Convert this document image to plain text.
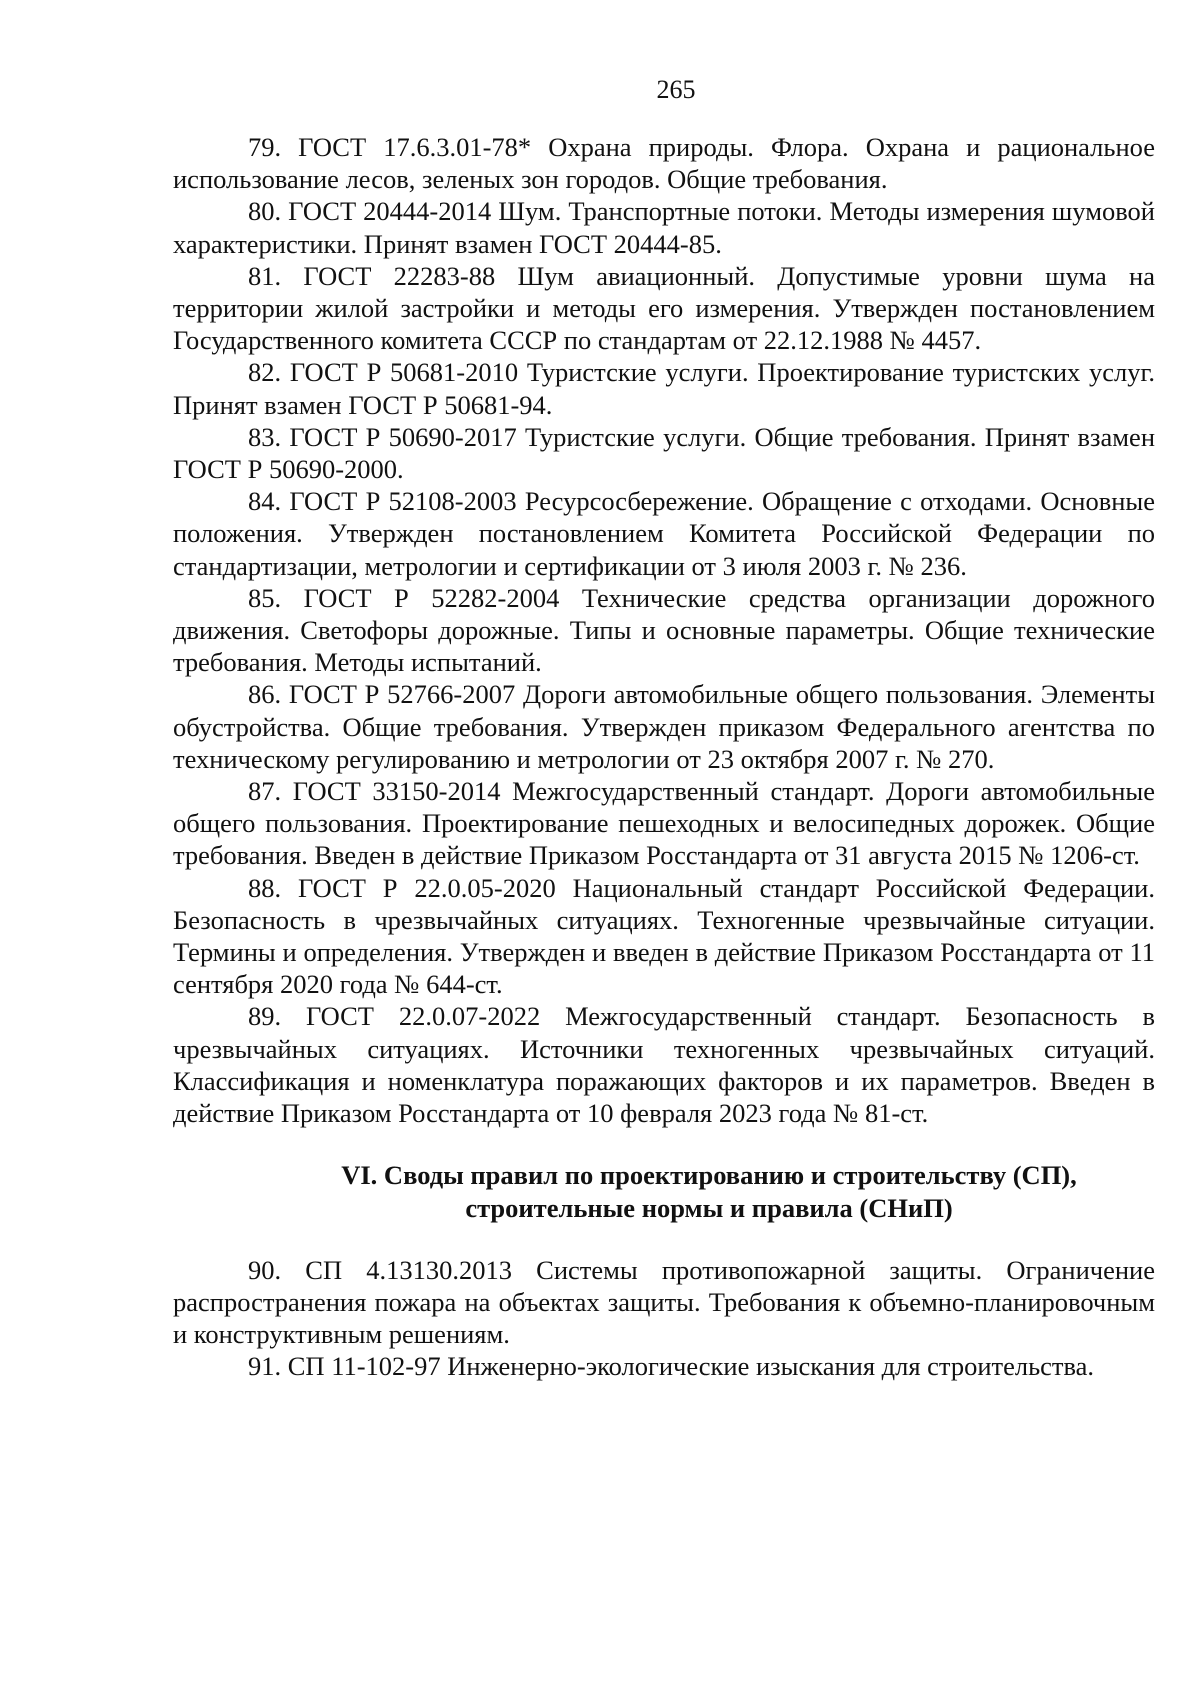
265

79. ГОСТ 17.6.3.01-78* Охрана природы. Флора. Охрана и рациональное использование лесов, зеленых зон городов. Общие требования.

80. ГОСТ 20444-2014 Шум. Транспортные потоки. Методы измерения шумовой характеристики. Принят взамен ГОСТ 20444-85.

81. ГОСТ 22283-88 Шум авиационный. Допустимые уровни шума на территории жилой застройки и методы его измерения. Утвержден постановлением Государственного комитета СССР по стандартам от 22.12.1988 № 4457.

82. ГОСТ Р 50681-2010 Туристские услуги. Проектирование туристских услуг. Принят взамен ГОСТ Р 50681-94.

83. ГОСТ Р 50690-2017 Туристские услуги. Общие требования. Принят взамен ГОСТ Р 50690-2000.

84. ГОСТ Р 52108-2003 Ресурсосбережение. Обращение с отходами. Основные положения. Утвержден постановлением Комитета Российской Федерации по стандартизации, метрологии и сертификации от 3 июля 2003 г. № 236.

85. ГОСТ Р 52282-2004 Технические средства организации дорожного движения. Светофоры дорожные. Типы и основные параметры. Общие технические требования. Методы испытаний.

86. ГОСТ Р 52766-2007 Дороги автомобильные общего пользования. Элементы обустройства. Общие требования. Утвержден приказом Федерального агентства по техническому регулированию и метрологии от 23 октября 2007 г. № 270.

87. ГОСТ 33150-2014 Межгосударственный стандарт. Дороги автомобильные общего пользования. Проектирование пешеходных и велосипедных дорожек. Общие требования. Введен в действие Приказом Росстандарта от 31 августа 2015 № 1206-ст.

88. ГОСТ Р 22.0.05-2020 Национальный стандарт Российской Федерации. Безопасность в чрезвычайных ситуациях. Техногенные чрезвычайные ситуации. Термины и определения. Утвержден и введен в действие Приказом Росстандарта от 11 сентября 2020 года № 644-ст.

89. ГОСТ 22.0.07-2022 Межгосударственный стандарт. Безопасность в чрезвычайных ситуациях. Источники техногенных чрезвычайных ситуаций. Классификация и номенклатура поражающих факторов и их параметров. Введен в действие Приказом Росстандарта от 10 февраля 2023 года № 81-ст.

VI. Своды правил по проектированию и строительству (СП),
строительные нормы и правила (СНиП)

90. СП 4.13130.2013 Системы противопожарной защиты. Ограничение распространения пожара на объектах защиты. Требования к объемно-планировочным и конструктивным решениям.

91. СП 11-102-97 Инженерно-экологические изыскания для строительства.
